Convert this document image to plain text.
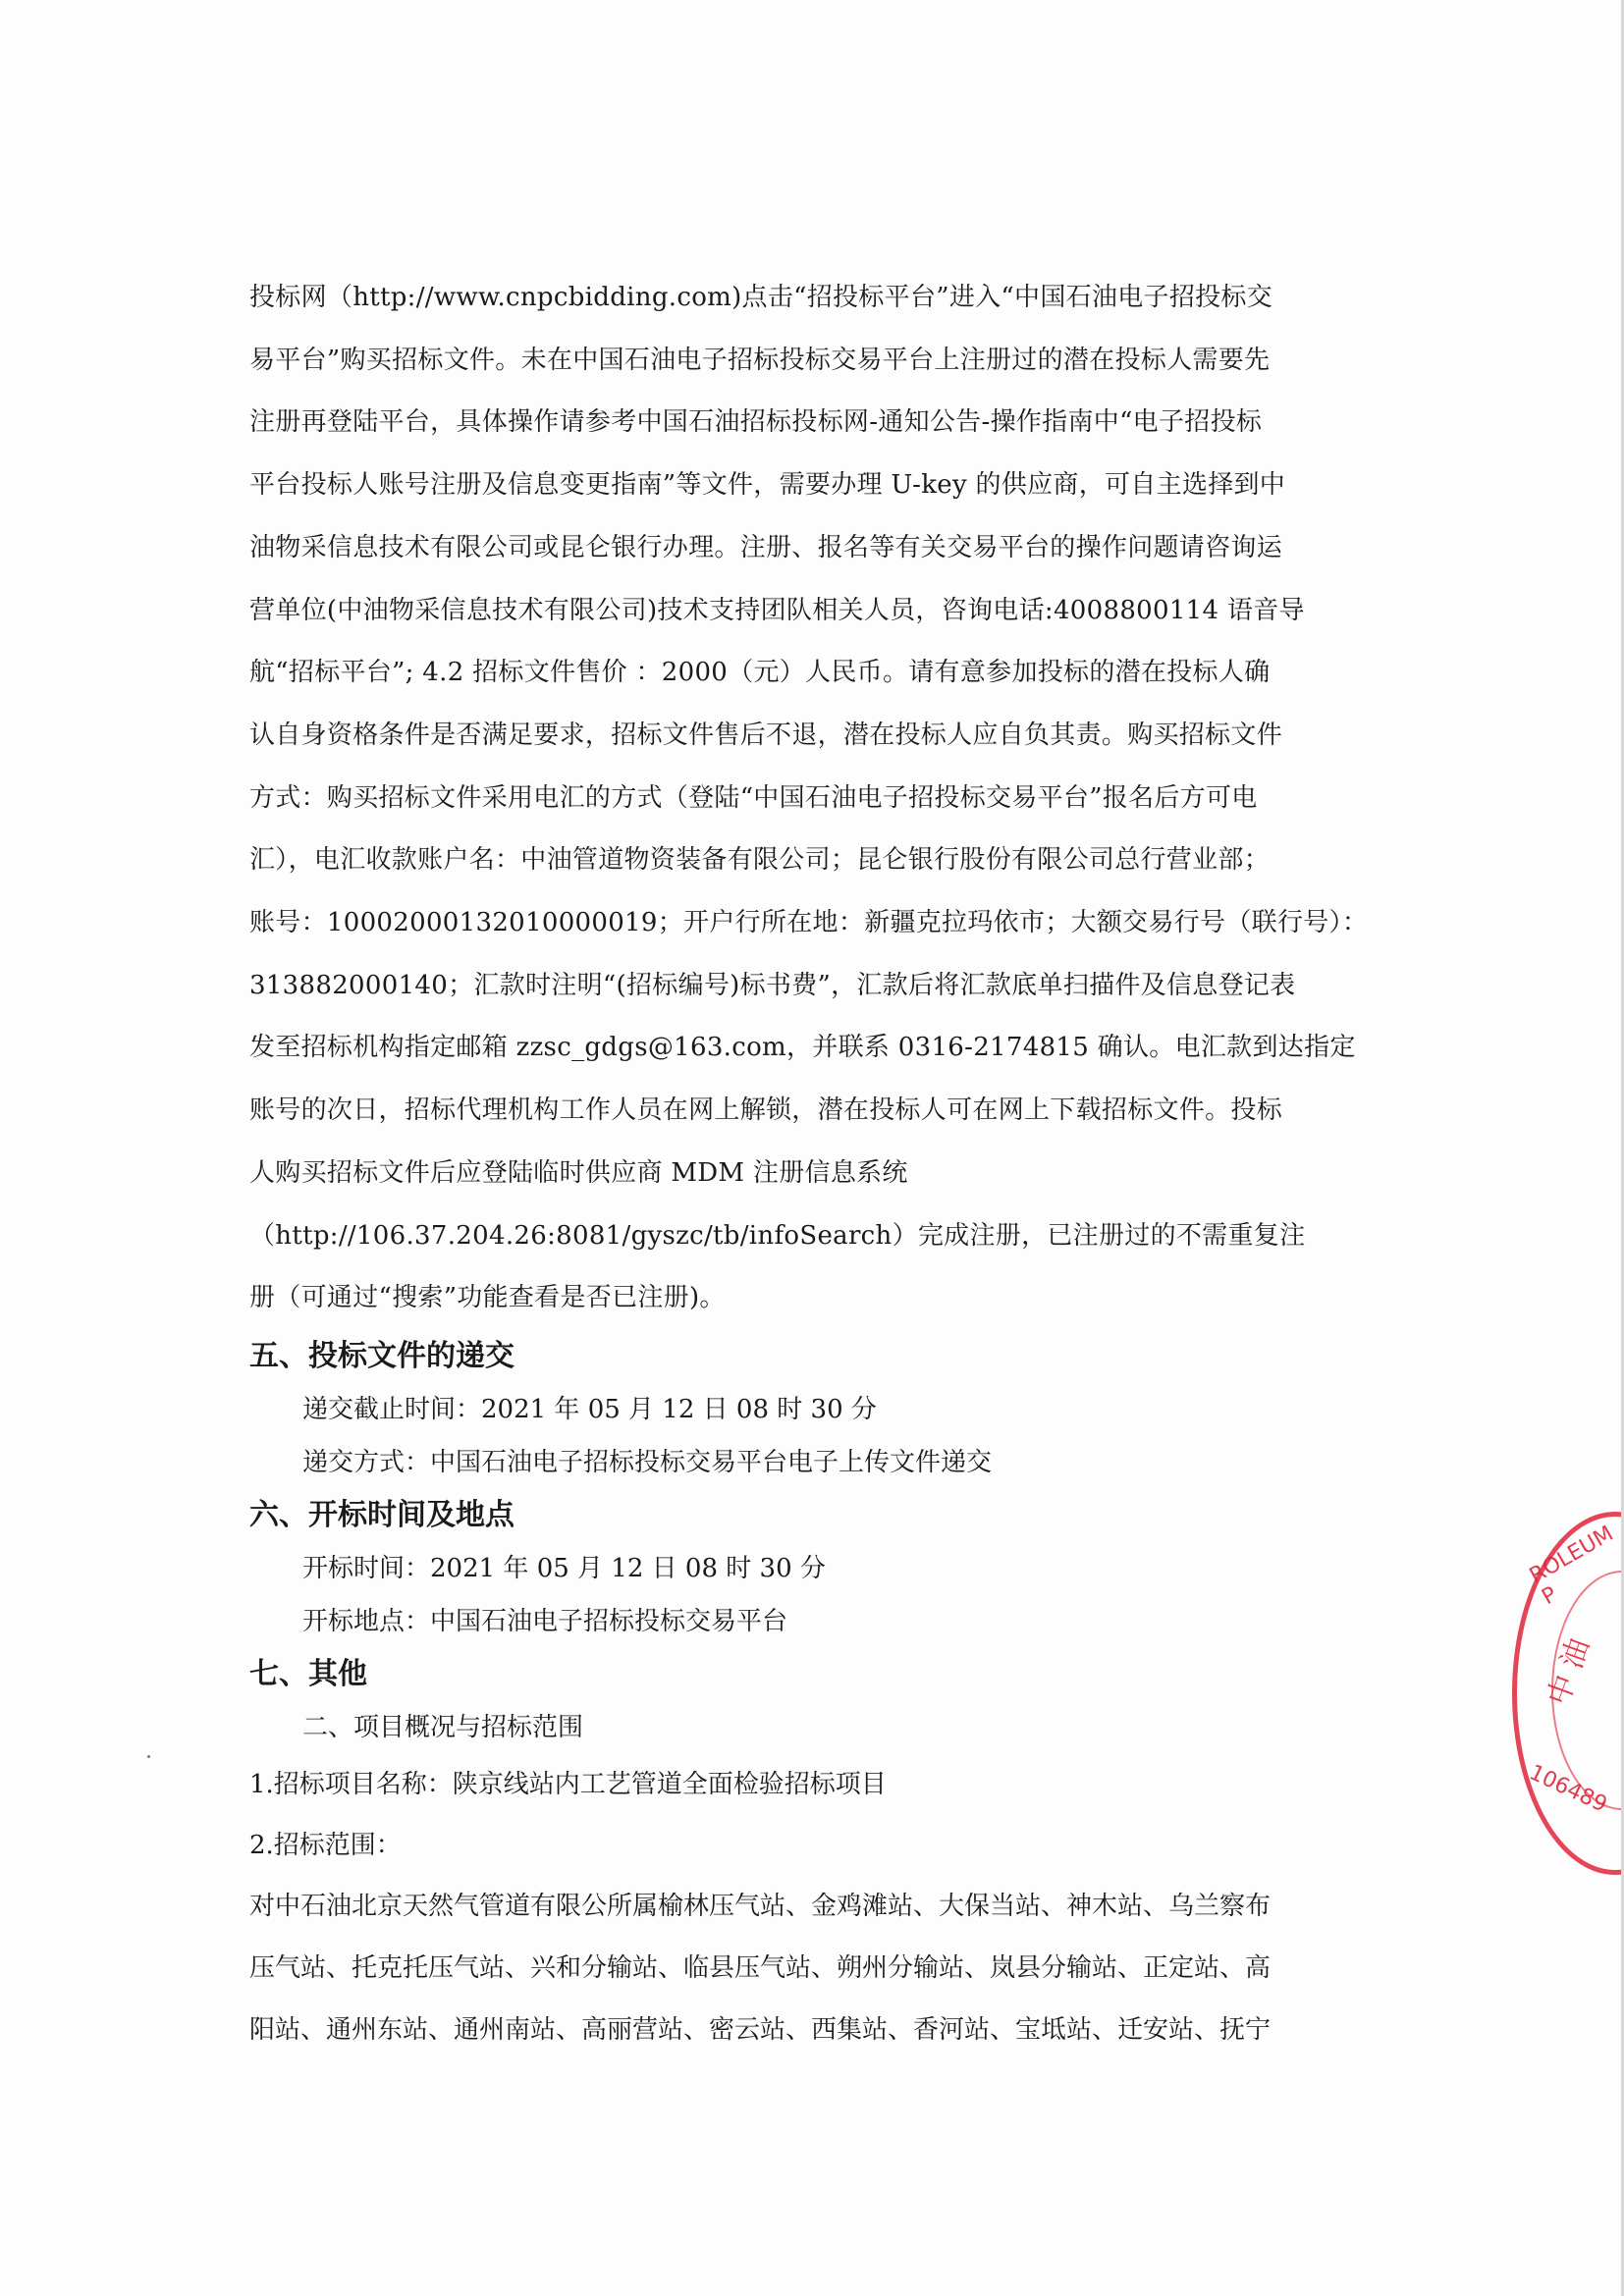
投标网（http://www.cnpcbidding.com)点击“招投标平台”进入“中国石油电子招投标交

易平台”购买招标文件。未在中国石油电子招标投标交易平台上注册过的潜在投标人需要先

注册再登陆平台，具体操作请参考中国石油招标投标网-通知公告-操作指南中“电子招投标

平台投标人账号注册及信息变更指南”等文件，需要办理 U-key 的供应商，可自主选择到中

油物采信息技术有限公司或昆仑银行办理。注册、报名等有关交易平台的操作问题请咨询运

营单位(中油物采信息技术有限公司)技术支持团队相关人员，咨询电话:4008800114 语音导

航“招标平台”; 4.2 招标文件售价 ：2000（元）人民币。请有意参加投标的潜在投标人确

认自身资格条件是否满足要求，招标文件售后不退，潜在投标人应自负其责。购买招标文件

方式：购买招标文件采用电汇的方式（登陆“中国石油电子招投标交易平台”报名后方可电

汇），电汇收款账户名：中油管道物资装备有限公司；昆仑银行股份有限公司总行营业部；

账号：10002000132010000019；开户行所在地：新疆克拉玛依市；大额交易行号（联行号）：

313882000140；汇款时注明“(招标编号)标书费”，汇款后将汇款底单扫描件及信息登记表

发至招标机构指定邮箱 zzsc_gdgs@163.com，并联系 0316-2174815 确认。电汇款到达指定

账号的次日，招标代理机构工作人员在网上解锁，潜在投标人可在网上下载招标文件。投标

人购买招标文件后应登陆临时供应商 MDM 注册信息系统

（http://106.37.204.26:8081/gyszc/tb/infoSearch）完成注册，已注册过的不需重复注

册（可通过“搜索”功能查看是否已注册)。

五、投标文件的递交

递交截止时间：2021 年 05 月 12 日 08 时 30 分

递交方式：中国石油电子招标投标交易平台电子上传文件递交

六、开标时间及地点

开标时间：2021 年 05 月 12 日 08 时 30 分

开标地点：中国石油电子招标投标交易平台

七、其他

二、项目概况与招标范围

1.招标项目名称：陕京线站内工艺管道全面检验招标项目

2.招标范围：

对中石油北京天然气管道有限公所属榆林压气站、金鸡滩站、大保当站、神木站、乌兰察布

压气站、托克托压气站、兴和分输站、临县压气站、朔州分输站、岚县分输站、正定站、高

阳站、通州东站、通州南站、高丽营站、密云站、西集站、香河站、宝坻站、迁安站、抚宁

ROLEUM P
中 油
106489
